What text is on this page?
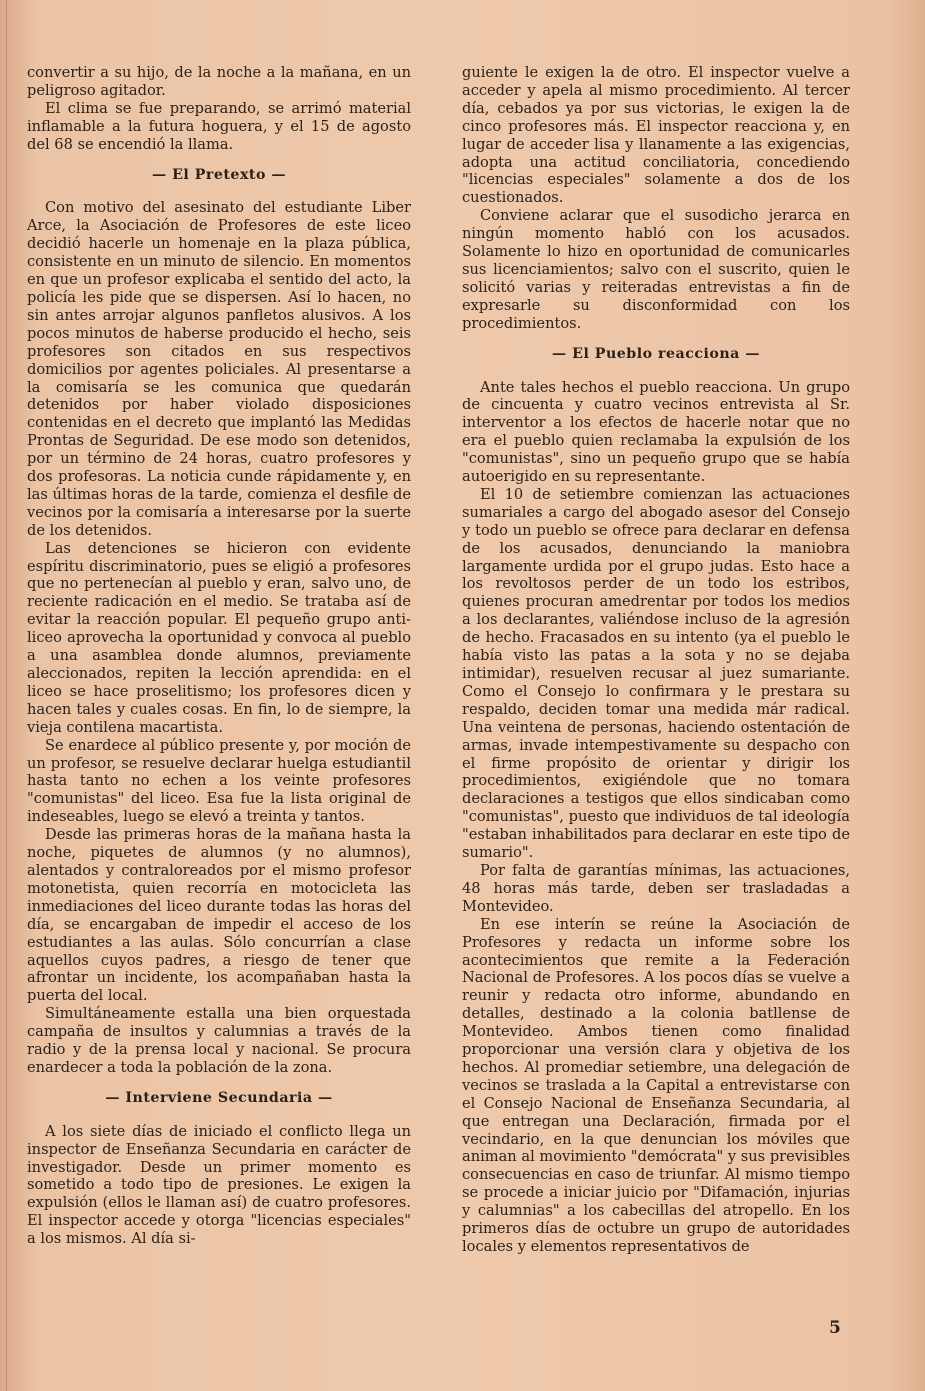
convertir a su hijo, de la noche a la mañana, en un peligroso agitador.

El clima se fue preparando, se arrimó material inflamable a la futura hoguera, y el 15 de agosto del 68 se encendió la llama.

— El Pretexto —

Con motivo del asesinato del estudiante Liber Arce, la Asociación de Profesores de este liceo decidió hacerle un homenaje en la plaza pública, consistente en un minuto de silencio. En momentos en que un profesor explicaba el sentido del acto, la policía les pide que se dispersen. Así lo hacen, no sin antes arrojar algunos panfletos alusivos. A los pocos minutos de haberse producido el hecho, seis profesores son citados en sus respectivos domicilios por agentes policiales. Al presentarse a la comisaría se les comunica que quedarán detenidos por haber violado disposiciones contenidas en el decreto que implantó las Medidas Prontas de Seguridad. De ese modo son detenidos, por un término de 24 horas, cuatro profesores y dos profesoras. La noticia cunde rápidamente y, en las últimas horas de la tarde, comienza el desfile de vecinos por la comisaría a interesarse por la suerte de los detenidos.

Las detenciones se hicieron con evidente espíritu discriminatorio, pues se eligió a profesores que no pertenecían al pueblo y eran, salvo uno, de reciente radicación en el medio. Se trataba así de evitar la reacción popular. El pequeño grupo anti-liceo aprovecha la oportunidad y convoca al pueblo a una asamblea donde alumnos, previamente aleccionados, repiten la lección aprendida: en el liceo se hace proselitismo; los profesores dicen y hacen tales y cuales cosas. En fin, lo de siempre, la vieja contilena macartista.

Se enardece al público presente y, por moción de un profesor, se resuelve declarar huelga estudiantil hasta tanto no echen a los veinte profesores "comunistas" del liceo. Esa fue la lista original de indeseables, luego se elevó a treinta y tantos.

Desde las primeras horas de la mañana hasta la noche, piquetes de alumnos (y no alumnos), alentados y contraloreados por el mismo profesor motonetista, quien recorría en motocicleta las inmediaciones del liceo durante todas las horas del día, se encargaban de impedir el acceso de los estudiantes a las aulas. Sólo concurrían a clase aquellos cuyos padres, a riesgo de tener que afrontar un incidente, los acompañaban hasta la puerta del local.

Simultáneamente estalla una bien orquestada campaña de insultos y calumnias a través de la radio y de la prensa local y nacional. Se procura enardecer a toda la población de la zona.

— Interviene Secundaria —

A los siete días de iniciado el conflicto llega un inspector de Enseñanza Secundaria en carácter de investigador. Desde un primer momento es sometido a todo tipo de presiones. Le exigen la expulsión (ellos le llaman así) de cuatro profesores. El inspector accede y otorga "licencias especiales" a los mismos. Al día si-

guiente le exigen la de otro. El inspector vuelve a acceder y apela al mismo procedimiento. Al tercer día, cebados ya por sus victorias, le exigen la de cinco profesores más. El inspector reacciona y, en lugar de acceder lisa y llanamente a las exigencias, adopta una actitud conciliatoria, concediendo "licencias especiales" solamente a dos de los cuestionados.

Conviene aclarar que el susodicho jerarca en ningún momento habló con los acusados. Solamente lo hizo en oportunidad de comunicarles sus licenciamientos; salvo con el suscrito, quien le solicitó varias y reiteradas entrevistas a fin de expresarle su disconformidad con los procedimientos.

— El Pueblo reacciona —

Ante tales hechos el pueblo reacciona. Un grupo de cincuenta y cuatro vecinos entrevista al Sr. interventor a los efectos de hacerle notar que no era el pueblo quien reclamaba la expulsión de los "comunistas", sino un pequeño grupo que se había autoerigido en su representante.

El 10 de setiembre comienzan las actuaciones sumariales a cargo del abogado asesor del Consejo y todo un pueblo se ofrece para declarar en defensa de los acusados, denunciando la maniobra largamente urdida por el grupo judas. Esto hace a los revoltosos perder de un todo los estribos, quienes procuran amedrentar por todos los medios a los declarantes, valiéndose incluso de la agresión de hecho. Fracasados en su intento (ya el pueblo le había visto las patas a la sota y no se dejaba intimidar), resuelven recusar al juez sumariante. Como el Consejo lo confirmara y le prestara su respaldo, deciden tomar una medida már radical. Una veintena de personas, haciendo ostentación de armas, invade intempestivamente su despacho con el firme propósito de orientar y dirigir los procedimientos, exigiéndole que no tomara declaraciones a testigos que ellos sindicaban como "comunistas", puesto que individuos de tal ideología "estaban inhabilitados para declarar en este tipo de sumario".

Por falta de garantías mínimas, las actuaciones, 48 horas más tarde, deben ser trasladadas a Montevideo.

En ese interín se reúne la Asociación de Profesores y redacta un informe sobre los acontecimientos que remite a la Federación Nacional de Profesores. A los pocos días se vuelve a reunir y redacta otro informe, abundando en detalles, destinado a la colonia batllense de Montevideo. Ambos tienen como finalidad proporcionar una versión clara y objetiva de los hechos. Al promediar setiembre, una delegación de vecinos se traslada a la Capital a entrevistarse con el Consejo Nacional de Enseñanza Secundaria, al que entregan una Declaración, firmada por el vecindario, en la que denuncian los móviles que animan al movimiento "demócrata" y sus previsibles consecuencias en caso de triunfar. Al mismo tiempo se procede a iniciar juicio por "Difamación, injurias y calumnias" a los cabecillas del atropello. En los primeros días de octubre un grupo de autoridades locales y elementos representativos de

5
